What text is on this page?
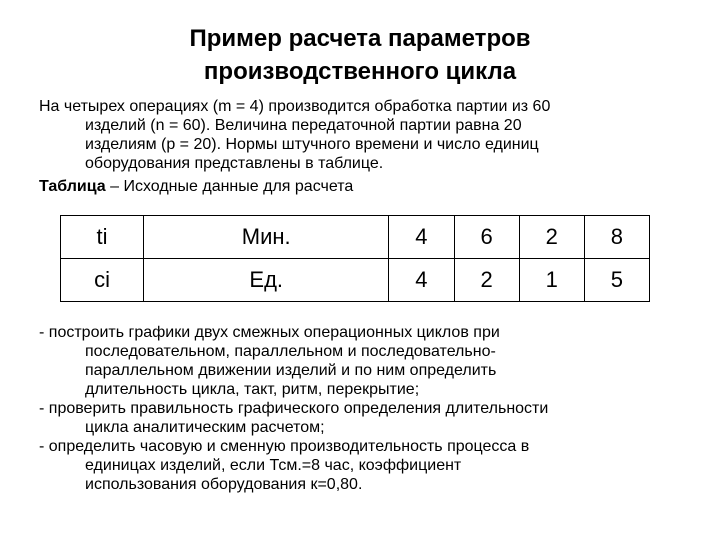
Пример расчета параметров
производственного цикла
На четырех операциях (m = 4) производится обработка партии из 60
изделий (n = 60). Величина передаточной партии равна 20
изделиям (p = 20). Нормы штучного времени и число единиц
оборудования представлены в таблице.
Таблица – Исходные данные для расчета
ti	Мин.	4	6	2	8
ci	Ед.	4	2	1	5
- построить графики двух смежных операционных циклов при
последовательном, параллельном и последовательно-
параллельном движении изделий и по ним определить
длительность цикла, такт, ритм, перекрытие;
- проверить правильность графического определения длительности
цикла аналитическим расчетом;
- определить часовую и сменную производительность процесса в
единицах изделий, если Тсм.=8 час, коэффициент
использования оборудования к=0,80.
